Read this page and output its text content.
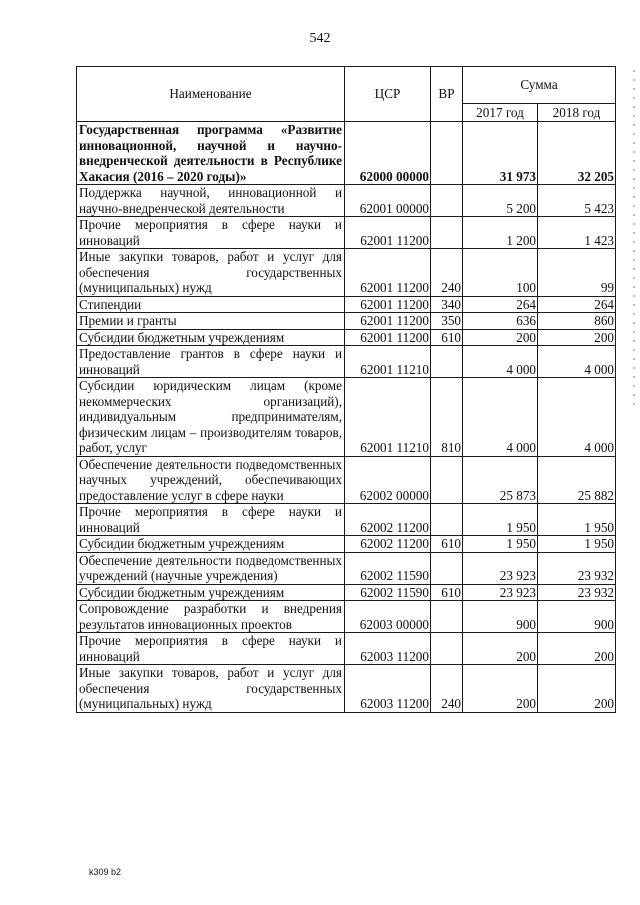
542
Наименование	ЦСР	ВР	Сумма	
			2017 год	2018 год
Государственная программа «Развитие инновационной, научной и научно-внедренческой деятельности в Республике Хакасия (2016 – 2020 годы)»	62000 00000		31 973	32 205
Поддержка научной, инновационной и научно-внедренческой деятельности	62001 00000		5 200	5 423
Прочие мероприятия в сфере науки и инноваций	62001 11200		1 200	1 423
Иные закупки товаров, работ и услуг для обеспечения государственных (муниципальных) нужд	62001 11200	240	100	99
Стипендии	62001 11200	340	264	264
Премии и гранты	62001 11200	350	636	860
Субсидии бюджетным учреждениям	62001 11200	610	200	200
Предоставление грантов в сфере науки и инноваций	62001 11210		4 000	4 000
Субсидии юридическим лицам (кроме некоммерческих организаций), индивидуальным предпринимателям, физическим лицам – производителям товаров, работ, услуг	62001 11210	810	4 000	4 000
Обеспечение деятельности подведомственных научных учреждений, обеспечивающих предоставление услуг в сфере науки	62002 00000		25 873	25 882
Прочие мероприятия в сфере науки и инноваций	62002 11200		1 950	1 950
Субсидии бюджетным учреждениям	62002 11200	610	1 950	1 950
Обеспечение деятельности подведомственных учреждений (научные учреждения)	62002 11590		23 923	23 932
Субсидии бюджетным учреждениям	62002 11590	610	23 923	23 932
Сопровождение разработки и внедрения результатов инновационных проектов	62003 00000		900	900
Прочие мероприятия в сфере науки и инноваций	62003 11200		200	200
Иные закупки товаров, работ и услуг для обеспечения государственных (муниципальных) нужд	62003 11200	240	200	200
k309 b2
